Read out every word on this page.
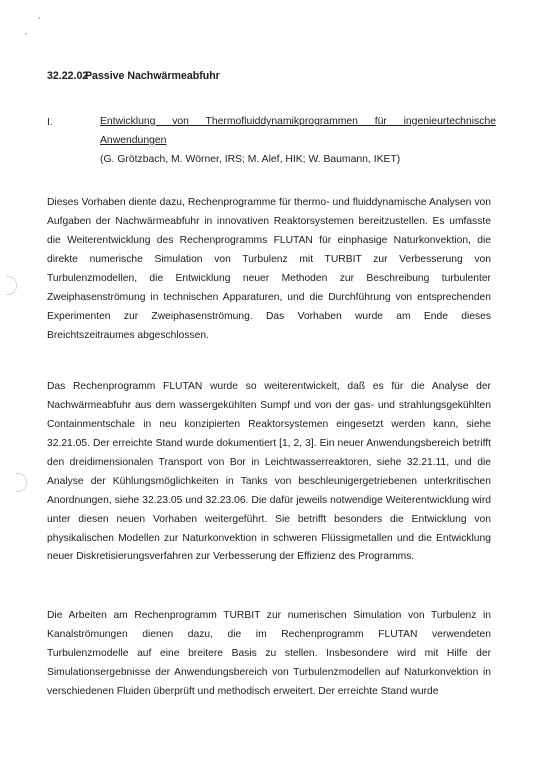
32.22.02 Passive Nachwärmeabfuhr
I.	Entwicklung von Thermofluiddynamikprogrammen für ingenieurtechnische Anwendungen
(G. Grötzbach, M. Wörner, IRS; M. Alef, HIK; W. Baumann, IKET)

Dieses Vorhaben diente dazu, Rechenprogramme für thermo- und fluiddynamische Analysen von Aufgaben der Nachwärmeabfuhr in innovativen Reaktorsystemen bereitzustellen. Es umfasste die Weiterentwicklung des Rechenprogramms FLUTAN für einphasige Naturkonvektion, die direkte numerische Simulation von Turbulenz mit TURBIT zur Verbesserung von Turbulenzmodellen, die Entwicklung neuer Methoden zur Beschreibung turbulenter Zweiphasenströmung in technischen Apparaturen, und die Durchführung von entsprechenden Experimenten zur Zweiphasenströmung. Das Vorhaben wurde am Ende dieses Breichtszeitraumes abgeschlossen.

Das Rechenprogramm FLUTAN wurde so weiterentwickelt, daß es für die Analyse der Nachwärmeabfuhr aus dem wassergekühlten Sumpf und von der gas- und strahlungsgekühlten Containmentschale in neu konzipierten Reaktorsystemen eingesetzt werden kann, siehe 32.21.05. Der erreichte Stand wurde dokumentiert [1, 2, 3]. Ein neuer Anwendungsbereich betrifft den dreidimensionalen Transport von Bor in Leichtwasserreaktoren, siehe 32.21.11, und die Analyse der Kühlungsmöglichkeiten in Tanks von beschleunigergetriebenen unterkritischen Anordnungen, siehe 32.23.05 und 32.23.06. Die dafür jeweils notwendige Weiterentwicklung wird unter diesen neuen Vorhaben weitergeführt. Sie betrifft besonders die Entwicklung von physikalischen Modellen zur Naturkonvektion in schweren Flüssigmetallen und die Entwicklung neuer Diskretisierungsverfahren zur Verbesserung der Effizienz des Programms.

Die Arbeiten am Rechenprogramm TURBIT zur numerischen Simulation von Turbulenz in Kanalströmungen dienen dazu, die im Rechenprogramm FLUTAN verwendeten Turbulenzmodelle auf eine breitere Basis zu stellen. Insbesondere wird mit Hilfe der Simulationsergebnisse der Anwendungsbereich von Turbulenzmodellen auf Naturkonvektion in verschiedenen Fluiden überprüft und methodisch erweitert. Der erreichte Stand wurde
